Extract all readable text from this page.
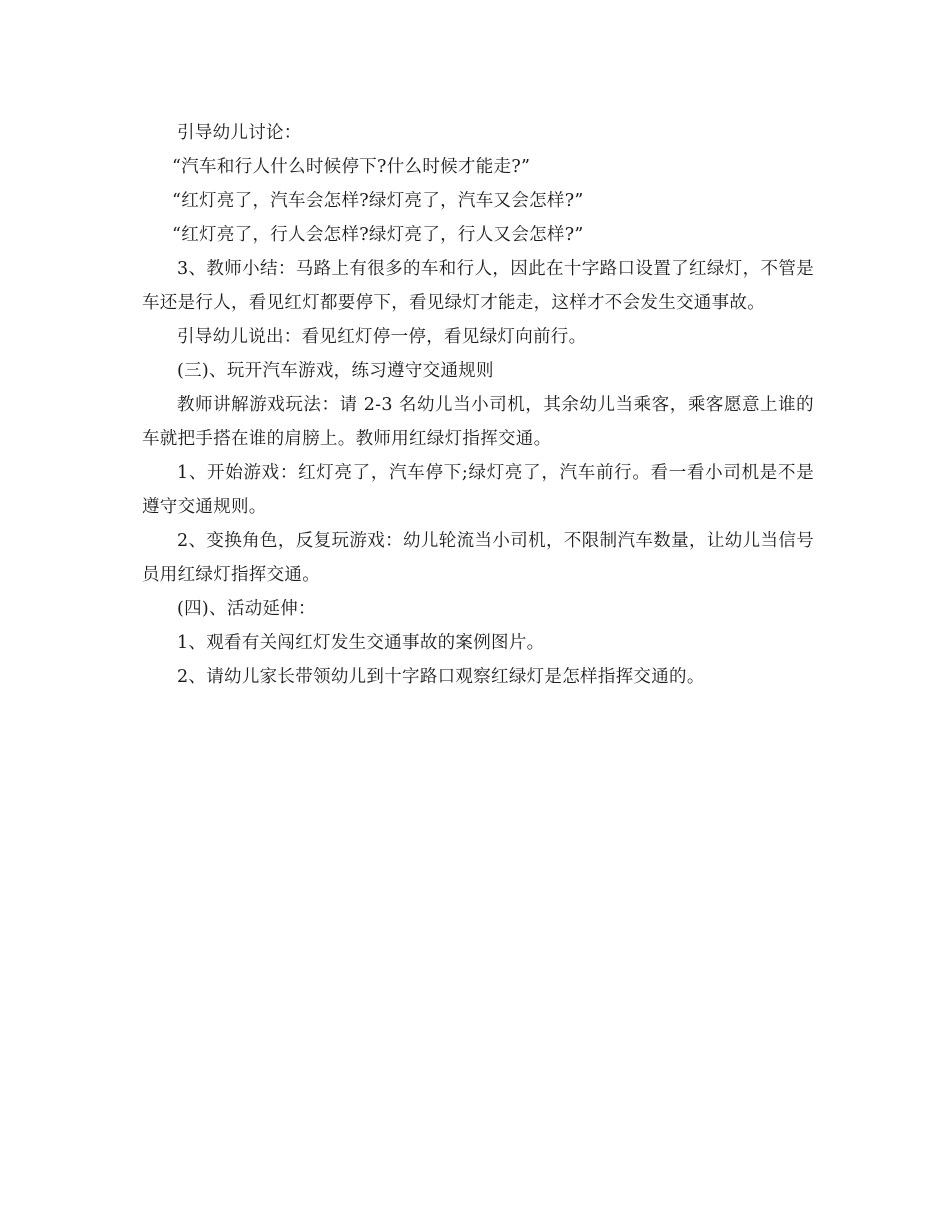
引导幼儿讨论：

“汽车和行人什么时候停下?什么时候才能走?”

“红灯亮了，汽车会怎样?绿灯亮了，汽车又会怎样?”

“红灯亮了，行人会怎样?绿灯亮了，行人又会怎样?”

3、教师小结：马路上有很多的车和行人，因此在十字路口设置了红绿灯，不管是车还是行人，看见红灯都要停下，看见绿灯才能走，这样才不会发生交通事故。

引导幼儿说出：看见红灯停一停，看见绿灯向前行。

(三)、玩开汽车游戏，练习遵守交通规则

教师讲解游戏玩法：请 2-3 名幼儿当小司机，其余幼儿当乘客，乘客愿意上谁的车就把手搭在谁的肩膀上。教师用红绿灯指挥交通。

1、开始游戏：红灯亮了，汽车停下;绿灯亮了，汽车前行。看一看小司机是不是遵守交通规则。

2、变换角色，反复玩游戏：幼儿轮流当小司机，不限制汽车数量，让幼儿当信号员用红绿灯指挥交通。

(四)、活动延伸：

1、观看有关闯红灯发生交通事故的案例图片。

2、请幼儿家长带领幼儿到十字路口观察红绿灯是怎样指挥交通的。
